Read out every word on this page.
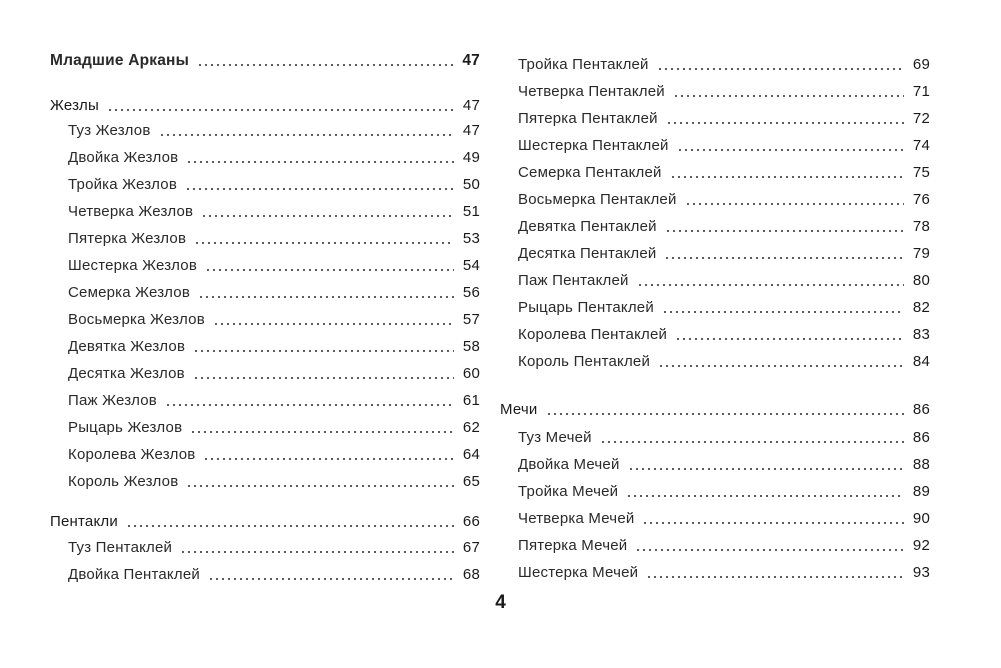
Младшие Арканы	47
Жезлы	47
Туз Жезлов	47
Двойка Жезлов	49
Тройка Жезлов	50
Четверка Жезлов	51
Пятерка Жезлов	53
Шестерка Жезлов	54
Семерка Жезлов	56
Восьмерка Жезлов	57
Девятка Жезлов	58
Десятка Жезлов	60
Паж Жезлов	61
Рыцарь Жезлов	62
Королева Жезлов	64
Король Жезлов	65
Пентакли	66
Туз Пентаклей	67
Двойка Пентаклей	68
Тройка Пентаклей	69
Четверка Пентаклей	71
Пятерка Пентаклей	72
Шестерка Пентаклей	74
Семерка Пентаклей	75
Восьмерка Пентаклей	76
Девятка Пентаклей	78
Десятка Пентаклей	79
Паж Пентаклей	80
Рыцарь Пентаклей	82
Королева Пентаклей	83
Король Пентаклей	84
Мечи	86
Туз Мечей	86
Двойка Мечей	88
Тройка Мечей	89
Четверка Мечей	90
Пятерка Мечей	92
Шестерка Мечей	93
4
